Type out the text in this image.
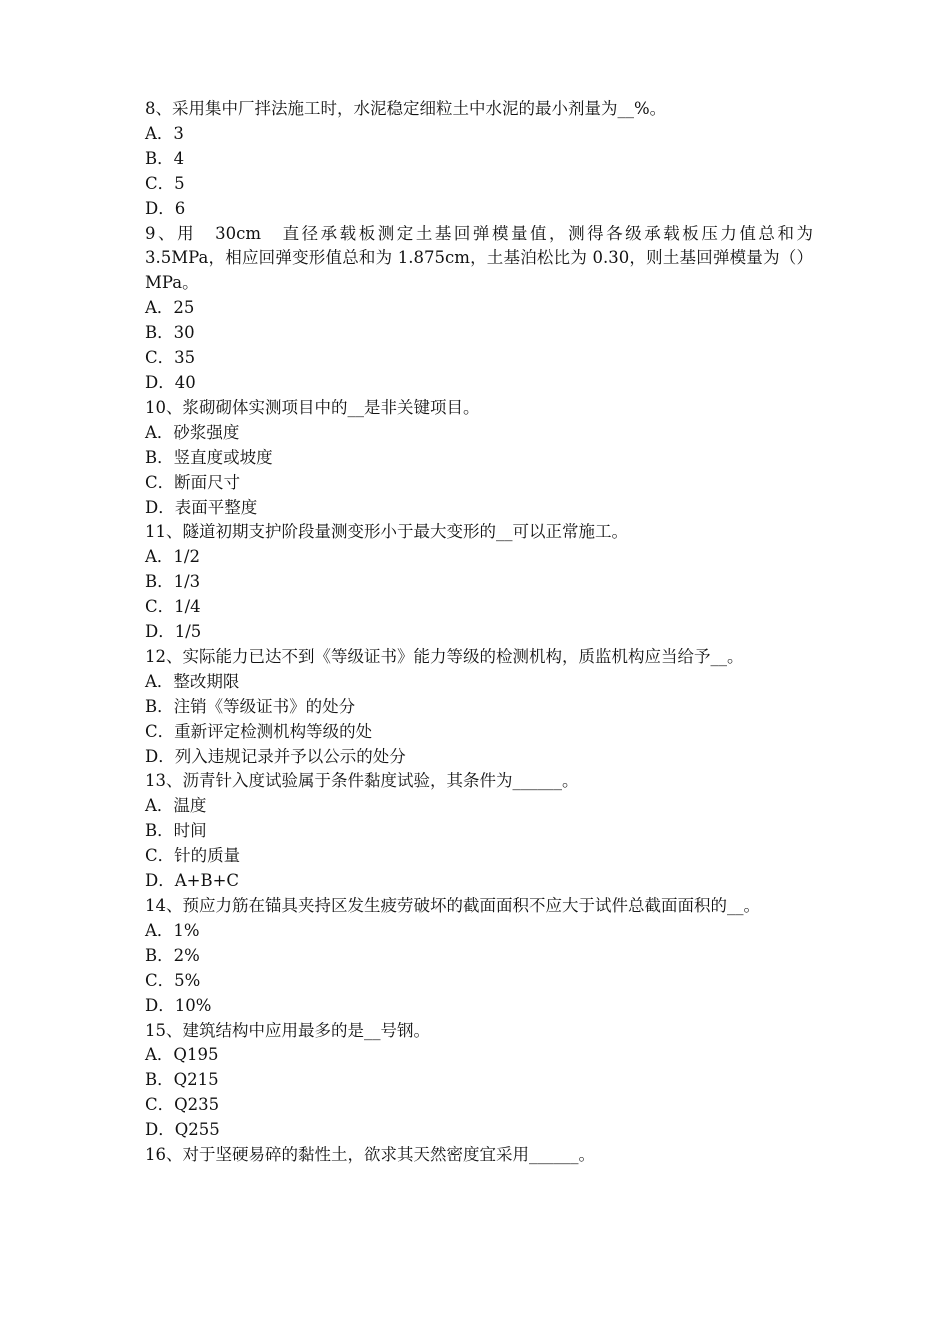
8、采用集中厂拌法施工时，水泥稳定细粒土中水泥的最小剂量为__%。
A．3
B．4
C．5
D．6
9、用　30cm　直径承载板测定土基回弹模量值，测得各级承载板压力值总和为 3.5MPa，相应回弹变形值总和为 1.875cm，土基泊松比为 0.30，则土基回弹模量为（）MPa。
A．25
B．30
C．35
D．40
10、浆砌砌体实测项目中的__是非关键项目。
A．砂浆强度
B．竖直度或坡度
C．断面尺寸
D．表面平整度
11、隧道初期支护阶段量测变形小于最大变形的__可以正常施工。
A．1/2
B．1/3
C．1/4
D．1/5
12、实际能力已达不到《等级证书》能力等级的检测机构，质监机构应当给予__。
A．整改期限
B．注销《等级证书》的处分
C．重新评定检测机构等级的处
D．列入违规记录并予以公示的处分
13、沥青针入度试验属于条件黏度试验，其条件为______。
A．温度
B．时间
C．针的质量
D．A+B+C
14、预应力筋在锚具夹持区发生疲劳破坏的截面面积不应大于试件总截面面积的__。
A．1%
B．2%
C．5%
D．10%
15、建筑结构中应用最多的是__号钢。
A．Q195
B．Q215
C．Q235
D．Q255
16、对于坚硬易碎的黏性土，欲求其天然密度宜采用______。
